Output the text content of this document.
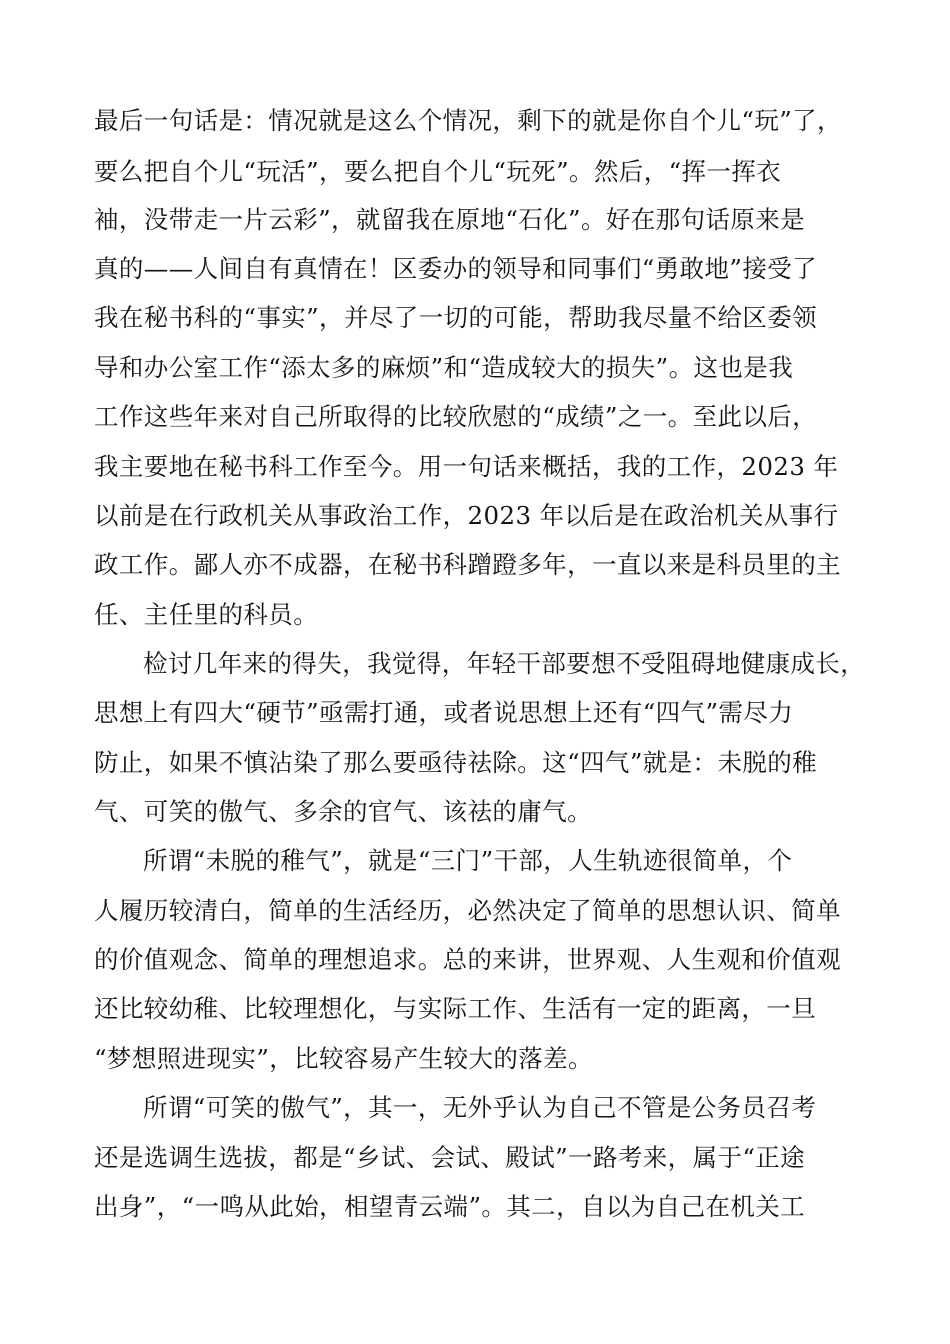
最后一句话是：情况就是这么个情况，剩下的就是你自个儿“玩”了，
要么把自个儿“玩活”，要么把自个儿“玩死”。然后，“挥一挥衣
袖，没带走一片云彩”，就留我在原地“石化”。好在那句话原来是
真的——人间自有真情在！区委办的领导和同事们“勇敢地”接受了
我在秘书科的“事实”，并尽了一切的可能，帮助我尽量不给区委领
导和办公室工作“添太多的麻烦”和“造成较大的损失”。这也是我
工作这些年来对自己所取得的比较欣慰的“成绩”之一。至此以后，
我主要地在秘书科工作至今。用一句话来概括，我的工作，2023 年
以前是在行政机关从事政治工作，2023 年以后是在政治机关从事行
政工作。鄙人亦不成器，在秘书科蹭蹬多年，一直以来是科员里的主
任、主任里的科员。
检讨几年来的得失，我觉得，年轻干部要想不受阻碍地健康成长，
思想上有四大“硬节”亟需打通，或者说思想上还有“四气”需尽力
防止，如果不慎沾染了那么要亟待祛除。这“四气”就是：未脱的稚
气、可笑的傲气、多余的官气、该祛的庸气。
所谓“未脱的稚气”，就是“三门”干部，人生轨迹很简单，个
人履历较清白，简单的生活经历，必然决定了简单的思想认识、简单
的价值观念、简单的理想追求。总的来讲，世界观、人生观和价值观
还比较幼稚、比较理想化，与实际工作、生活有一定的距离，一旦
“梦想照进现实”，比较容易产生较大的落差。
所谓“可笑的傲气”，其一，无外乎认为自己不管是公务员召考
还是选调生选拔，都是“乡试、会试、殿试”一路考来，属于“正途
出身”，“一鸣从此始，相望青云端”。其二，自以为自己在机关工
